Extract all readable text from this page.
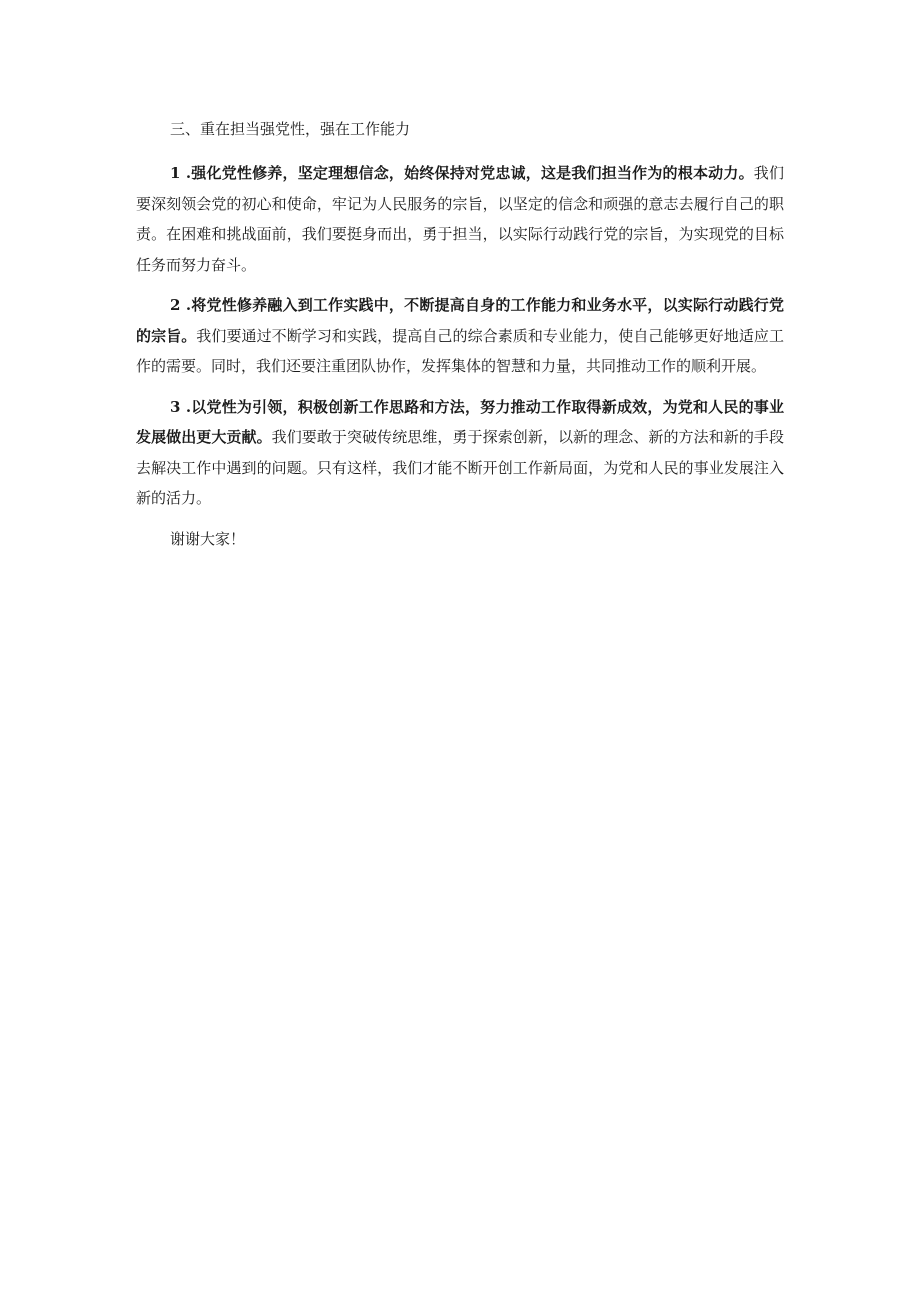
三、重在担当强党性，强在工作能力

1 .强化党性修养，坚定理想信念，始终保持对党忠诚，这是我们担当作为的根本动力。我们要深刻领会党的初心和使命，牢记为人民服务的宗旨，以坚定的信念和顽强的意志去履行自己的职责。在困难和挑战面前，我们要挺身而出，勇于担当，以实际行动践行党的宗旨，为实现党的目标任务而努力奋斗。

2 .将党性修养融入到工作实践中，不断提高自身的工作能力和业务水平，以实际行动践行党的宗旨。我们要通过不断学习和实践，提高自己的综合素质和专业能力，使自己能够更好地适应工作的需要。同时，我们还要注重团队协作，发挥集体的智慧和力量，共同推动工作的顺利开展。

3 .以党性为引领，积极创新工作思路和方法，努力推动工作取得新成效，为党和人民的事业发展做出更大贡献。我们要敢于突破传统思维，勇于探索创新，以新的理念、新的方法和新的手段去解决工作中遇到的问题。只有这样，我们才能不断开创工作新局面，为党和人民的事业发展注入新的活力。

谢谢大家！
